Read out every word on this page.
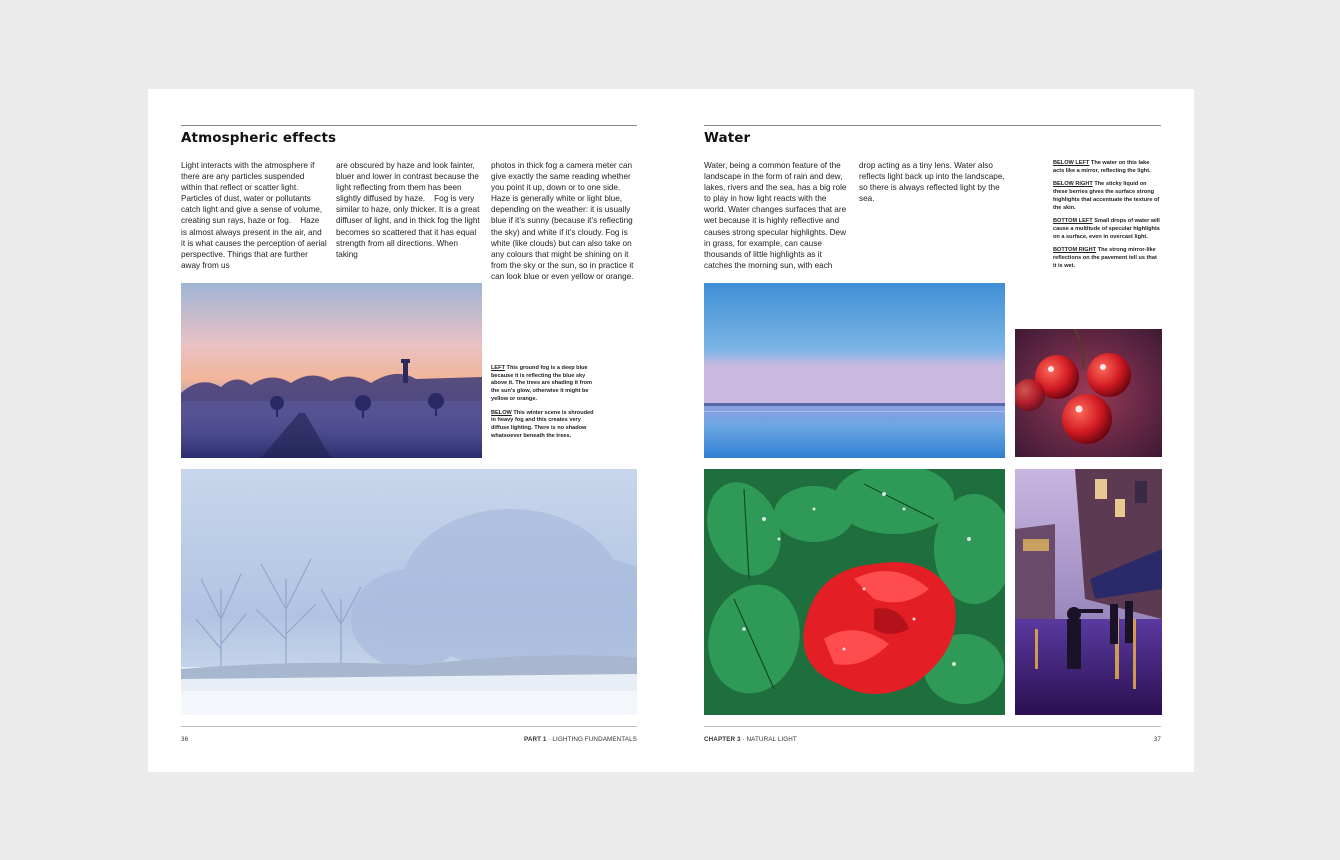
Atmospheric effects

Light interacts with the atmosphere if there are any particles suspended within that reflect or scatter light. Particles of dust, water or pollutants catch light and give a sense of volume, creating sun rays, haze or fog.    Haze is almost always present in the air, and it is what causes the perception of aerial perspective. Things that are further away from us

are obscured by haze and look fainter, bluer and lower in contrast because the light reflecting from them has been slightly diffused by haze.    Fog is very similar to haze, only thicker. It is a great diffuser of light, and in thick fog the light becomes so scattered that it has equal strength from all directions. When taking

photos in thick fog a camera meter can give exactly the same reading whether you point it up, down or to one side. Haze is generally white or light blue, depending on the weather: it is usually blue if it’s sunny (because it’s reflecting the sky) and white if it’s cloudy. Fog is white (like clouds) but can also take on any colours that might be shining on it from the sky or the sun, so in practice it can look blue or even yellow or orange.

LEFT This ground fog is a deep blue because it is reflecting the blue sky above it. The trees are shading it from the sun’s glow, otherwise it might be yellow or orange.

BELOW This winter scene is shrouded in heavy fog and this creates very diffuse lighting. There is no shadow whatsoever beneath the trees.

36	PART 1 · LIGHTING FUNDAMENTALS
Water

Water, being a common feature of the landscape in the form of rain and dew, lakes, rivers and the sea, has a big role to play in how light reacts with the world. Water changes surfaces that are wet because it is highly reflective and causes strong specular highlights. Dew in grass, for example, can cause thousands of little highlights as it catches the morning sun, with each

drop acting as a tiny lens. Water also reflects light back up into the landscape, so there is always reflected light by the sea.

BELOW LEFT The water on this lake acts like a mirror, reflecting the light.

BELOW RIGHT The sticky liquid on these berries gives the surface strong highlights that accentuate the texture of the skin.

BOTTOM LEFT Small drops of water will cause a multitude of specular highlights on a surface, even in overcast light.

BOTTOM RIGHT The strong mirror-like reflections on the pavement tell us that it is wet.

CHAPTER 3 · NATURAL LIGHT	37
